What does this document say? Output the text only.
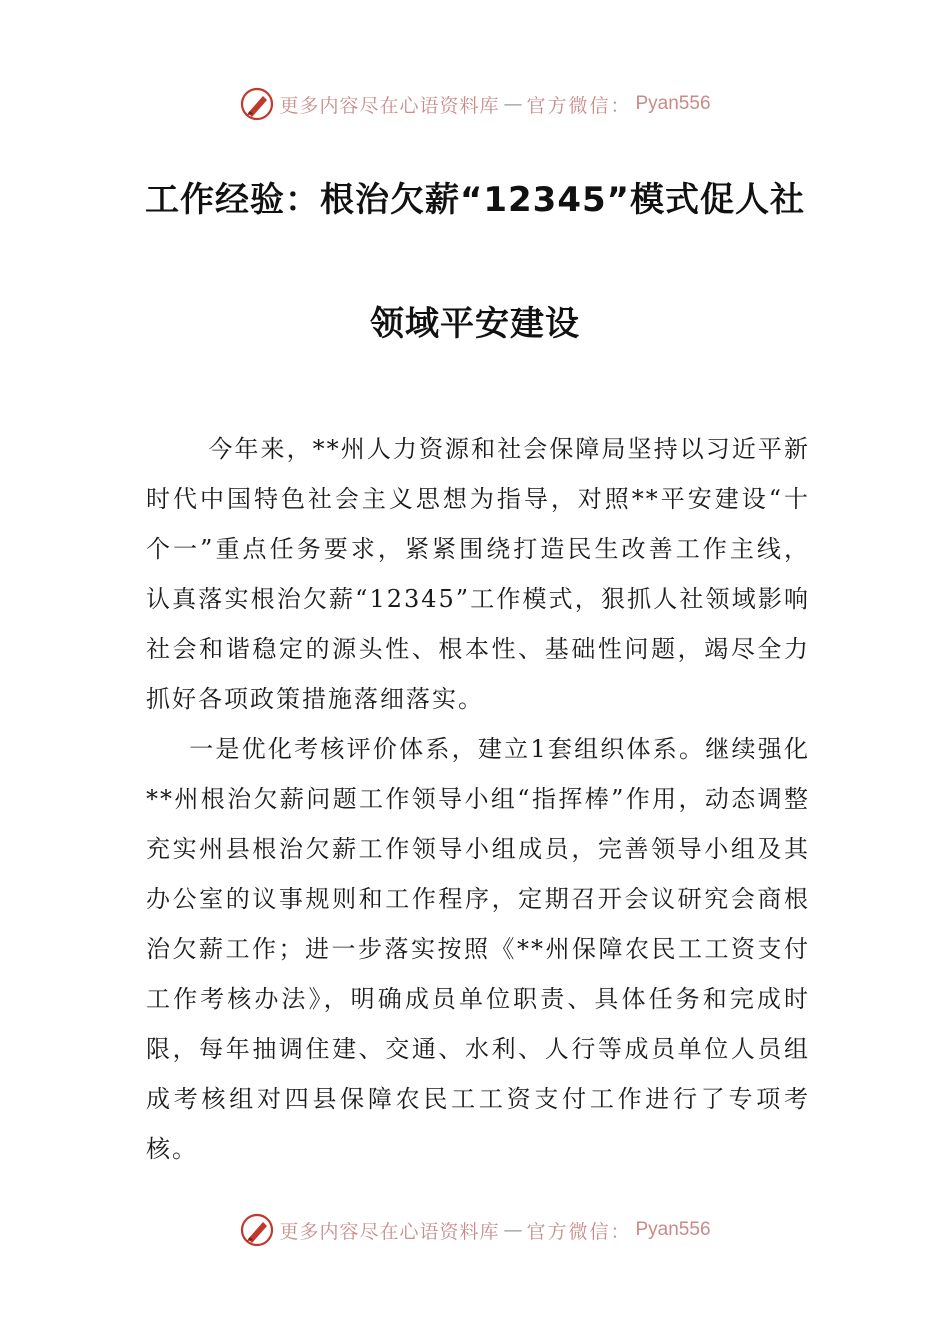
更多内容尽在心语资料库 — 官方微信： Pyan556
工作经验：根治欠薪“12345”模式促人社
领域平安建设

今年来，**州人力资源和社会保障局坚持以习近平新时代中国特色社会主义思想为指导，对照**平安建设“十个一”重点任务要求，紧紧围绕打造民生改善工作主线，认真落实根治欠薪“12345”工作模式，狠抓人社领域影响社会和谐稳定的源头性、根本性、基础性问题，竭尽全力抓好各项政策措施落细落实。

一是优化考核评价体系，建立1套组织体系。继续强化**州根治欠薪问题工作领导小组“指挥棒”作用，动态调整充实州县根治欠薪工作领导小组成员，完善领导小组及其办公室的议事规则和工作程序，定期召开会议研究会商根治欠薪工作；进一步落实按照《**州保障农民工工资支付工作考核办法》，明确成员单位职责、具体任务和完成时限，每年抽调住建、交通、水利、人行等成员单位人员组成考核组对四县保障农民工工资支付工作进行了专项考核。

更多内容尽在心语资料库 — 官方微信： Pyan556
